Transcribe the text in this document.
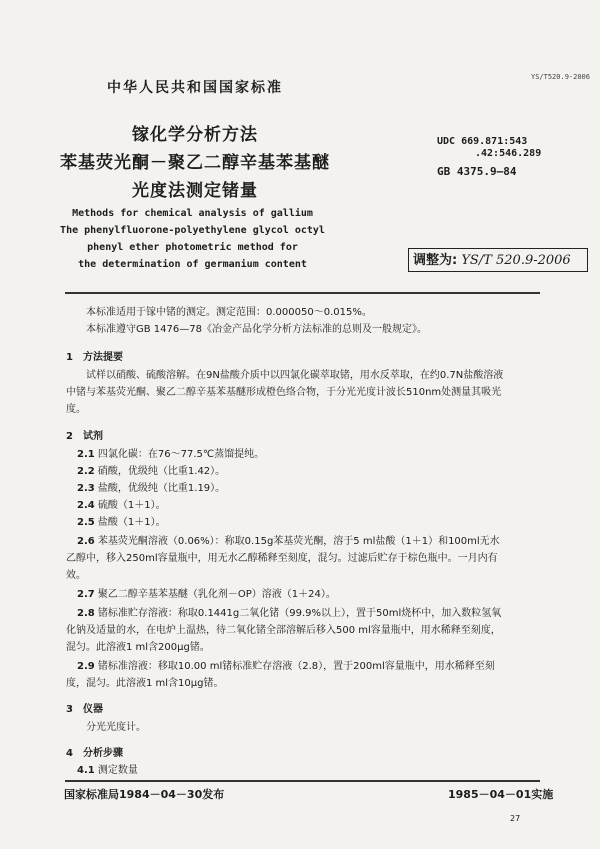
YS/T520.9-2006
中华人民共和国国家标准
镓化学分析方法
苯基荧光酮－聚乙二醇辛基苯基醚
光度法测定锗量
UDC 669.871:543
.42:546.289
GB 4375.9—84
Methods for chemical analysis of gallium
The phenylfluorone-polyethylene glycol octyl
phenyl ether photometric method for
the determination of germanium content	调整为: YS/T 520.9-2006
本标准适用于镓中锗的测定。测定范围：0.000050～0.015%。
本标准遵守GB 1476—78《冶金产品化学分析方法标准的总则及一般规定》。
1　方法提要
试样以硝酸、硫酸溶解。在9N盐酸介质中以四氯化碳萃取锗，用水反萃取，在约0.7N盐酸溶液
中锗与苯基荧光酮、聚乙二醇辛基苯基醚形成橙色络合物，于分光光度计波长510nm处测量其吸光
度。
2　试剂
2.1 四氯化碳：在76～77.5℃蒸馏提纯。
2.2 硝酸，优级纯（比重1.42）。
2.3 盐酸，优级纯（比重1.19）。
2.4 硫酸（1＋1）。
2.5 盐酸（1＋1）。
2.6 苯基荧光酮溶液（0.06%）：称取0.15g苯基荧光酮，溶于5 ml盐酸（1＋1）和100ml无水
乙醇中，移入250ml容量瓶中，用无水乙醇稀释至刻度，混匀。过滤后贮存于棕色瓶中。一月内有
效。
2.7 聚乙二醇辛基苯基醚（乳化剂－OP）溶液（1＋24）。
2.8 锗标准贮存溶液：称取0.1441g二氧化锗（99.9%以上），置于50ml烧杯中，加入数粒氢氧
化钠及适量的水，在电炉上温热，待二氧化锗全部溶解后移入500 ml容量瓶中，用水稀释至刻度，
混匀。此溶液1 ml含200μg锗。
2.9 锗标准溶液：移取10.00 ml锗标准贮存溶液（2.8），置于200ml容量瓶中，用水稀释至刻
度，混匀。此溶液1 ml含10μg锗。
3　仪器
分光光度计。
4　分析步骤
4.1 测定数量
国家标准局1984－04－30发布	1985－04－01实施
27
